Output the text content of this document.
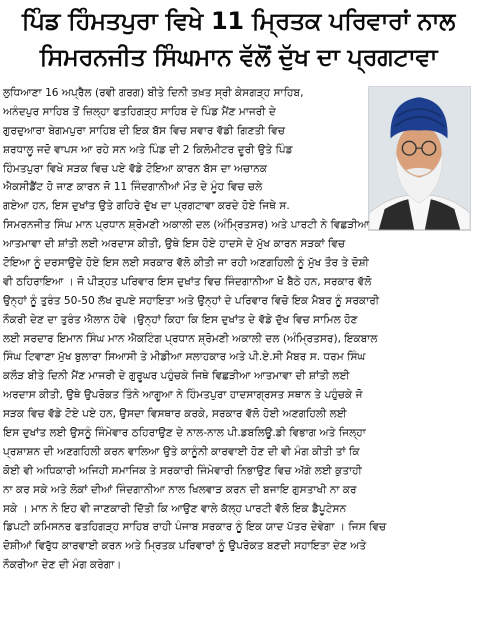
ਪਿੰਡ ਹਿੰਮਤਪੁਰਾ ਵਿਖੇ 11 ਮ੍ਰਿਤਕ ਪਰਿਵਾਰਾਂ ਨਾਲ
ਸਿਮਰਨਜੀਤ ਸਿੰਘਮਾਨ ਵੱਲੋਂ ਦੁੱਖ ਦਾ ਪ੍ਰਗਟਾਵਾ
ਲੁਧਿਆਣਾ 16 ਅਪ੍ਰੈਲ (ਰਵੀ ਗਰਗ) ਬੀਤੇ ਦਿਨੀ ਤਖ਼ਤ ਸ੍ਰੀ ਕੇਸਗੜ੍ਹ ਸਾਹਿਬ,
ਅਨੰਦਪੁਰ ਸਾਹਿਬ ਤੋਂ ਜ਼ਿਲ੍ਹਾ ਫਤਹਿਗੜ੍ਹ ਸਾਹਿਬ ਦੇ ਪਿੰਡ ਮੈਂਣ ਮਾਜਰੀ ਦੇ
ਗੁਰਦੁਆਰਾ ਬੇਗਮਪੁਰਾ ਸਾਹਿਬ ਦੀ ਇਕ ਬੱਸ ਵਿਚ ਸਵਾਰ ਵੱਡੀ ਗਿਣਤੀ ਵਿਚ
ਸ਼ਰਧਾਲੂ ਜਦੋ ਵਾਪਸ ਆ ਰਹੇ ਸਨ ਅਤੇ ਪਿੰਡ ਦੀ 2 ਕਿਲੋਮੀਟਰ ਦੂਰੀ ਉਤੇ ਪਿੰਡ
ਹਿੰਮਤਪੁਰਾ ਵਿਖੇ ਸੜਕ ਵਿਚ ਪਏ ਵੱਡੇ ਟੋਇਆ ਕਾਰਨ ਬੱਸ ਦਾ ਅਚਾਨਕ
ਐਕਸੀਡੈਂਟ ਹੋ ਜਾਣ ਕਾਰਨ ਜੋ 11 ਜਿੰਦਗਾਨੀਆਂ ਮੌਤ ਦੇ ਮੂੰਹ ਵਿਚ ਚਲੇ
ਗਏਆ ਹਨ, ਇਸ ਦੁਖਾਂਤ ਉਤੇ ਗਹਿਰੇ ਦੁੱਖ ਦਾ ਪ੍ਰਗਟਾਵਾ ਕਰਦੇ ਹੋਏ ਜਿਥੇ ਸ.
ਸਿਮਰਨਜੀਤ ਸਿੰਘ ਮਾਨ ਪ੍ਰਧਾਨ ਸ਼੍ਰੋਮਣੀ ਅਕਾਲੀ ਦਲ (ਅੰਮ੍ਰਿਤਸਰ) ਅਤੇ ਪਾਰਟੀ ਨੇ ਵਿਛੜੀਆ
ਆਤਮਾਵਾ ਦੀ ਸ਼ਾਂਤੀ ਲਈ ਅਰਦਾਸ ਕੀਤੀ, ਉਥੇ ਇਸ ਹੋਏ ਹਾਦਸੇ ਦੇ ਮੁੱਖ ਕਾਰਨ ਸੜਕਾਂ ਵਿਚ
ਟੋਇਆ ਨੂੰ ਦਰਸਾਉਦੇ ਹੋਏ ਇਸ ਲਈ ਸਰਕਾਰ ਵੱਲੋ ਕੀਤੀ ਜਾ ਰਹੀ ਅਣਗਹਿਲੀ ਨੂੰ ਮੁੱਖ ਤੌਰ ਤੇ ਦੋਸ਼ੀ
ਵੀ ਠਹਿਰਾਇਆ । ਜੋ ਪੀੜ੍ਹਤ ਪਰਿਵਾਰ ਇਸ ਦੁਖਾਂਤ ਵਿਚ ਜਿੰਦਗਾਨੀਆ ਖੋ ਬੈਠੇ ਹਨ, ਸਰਕਾਰ ਵੱਲੋ
ਉਨ੍ਹਾਂ ਨੂੰ ਤੁਰੰਤ 50-50 ਲੱਖ ਰੁਪਏ ਸਹਾਇਤਾ ਅਤੇ ਉਨ੍ਹਾਂ ਦੇ ਪਰਿਵਾਰ ਵਿਚੋ ਇਕ ਮੈਬਰ ਨੂੰ ਸਰਕਾਰੀ
ਨੌਕਰੀ ਦੇਣ ਦਾ ਤੁਰੰਤ ਐਲਾਨ ਹੋਵੇ ।ਉਨ੍ਹਾਂ ਕਿਹਾ ਕਿ ਇਸ ਦੁਖਾਂਤ ਦੇ ਵੱਡੇ ਦੁੱਖ ਵਿਚ ਸਾਮਿਲ ਹੋਣ
ਲਈ ਸਰਦਾਰ ਇਮਾਨ ਸਿੰਘ ਮਾਨ ਐਕਟਿੰਗ ਪ੍ਰਧਾਨ ਸ਼੍ਰੋਮਣੀ ਅਕਾਲੀ ਦਲ (ਅੰਮ੍ਰਿਤਸਰ), ਇਕਬਾਲ
ਸਿੰਘ ਟਿਵਾਣਾ ਮੁੱਖ ਬੁਲਾਰਾ ਸਿਆਸੀ ਤੇ ਮੀਡੀਆ ਸਲਾਹਕਾਰ ਅਤੇ ਪੀ.ਏ.ਸੀ ਮੈਬਰ ਸ. ਧਰਮ ਸਿੰਘ
ਕਲੌੜ ਬੀਤੇ ਦਿਨੀ ਮੈਂਣ ਮਾਜਰੀ ਦੇ ਗੁਰੂਘਰ ਪਹੁੰਚਕੇ ਜਿਥੇ ਵਿਛੜੀਆ ਆਤਮਾਵਾ ਦੀ ਸ਼ਾਂਤੀ ਲਈ
ਅਰਦਾਸ ਕੀਤੀ, ਉਥੇ ਉਪਰੋਕਤ ਤਿੰਨੇ ਆਗੂਆ ਨੇ ਹਿੰਮਤਪੁਰਾ ਹਾਦਸਾਗ੍ਰਸਤ ਸਥਾਨ ਤੇ ਪਹੁੰਚਕੇ ਜੋ
ਸੜਕ ਵਿਚ ਵੱਡੇ ਟੋਏ ਪਏ ਹਨ, ਉਸਦਾ ਵਿਸਥਾਰ ਕਰਕੇ, ਸਰਕਾਰ ਵੱਲੋ ਹੋਈ ਅਣਗਹਿਲੀ ਲਈ
ਇਸ ਦੁਖਾਂਤ ਲਈ ਉਸਨੂੰ ਜਿੰਮੇਵਾਰ ਠਹਿਰਾਉਣ ਦੇ ਨਾਲ-ਨਾਲ ਪੀ.ਡਬਲਿਊ.ਡੀ ਵਿਭਾਗ ਅਤੇ ਜਿਲ੍ਹਾ
ਪ੍ਰਸ਼ਾਸ਼ਨ ਦੀ ਅਣਗਹਿਲੀ ਕਰਨ ਵਾਲਿਆ ਉਤੇ ਕਾਨੂੰਨੀ ਕਾਰਵਾਈ ਹੋਣ ਦੀ ਵੀ ਮੰਗ ਕੀਤੀ ਤਾਂ ਕਿ
ਕੋਈ ਵੀ ਅਧਿਕਾਰੀ ਅਜਿਹੀ ਸਮਾਜਿਕ ਤੇ ਸਰਕਾਰੀ ਜਿੰਮੇਵਾਰੀ ਨਿਭਾਉਣ ਵਿਚ ਅੱਗੇ ਲਈ ਕੁਤਾਹੀ
ਨਾ ਕਰ ਸਕੇ ਅਤੇ ਲੋਕਾਂ ਦੀਆਂ ਜਿੰਦਗਾਨੀਆ ਨਾਲ ਖਿਲਵਾੜ ਕਰਨ ਦੀ ਬਜਾਇ ਗੁਸਤਾਖੀ ਨਾ ਕਰ
ਸਕੇ । ਮਾਨ ਨੇ ਇਹ ਵੀ ਜਾਣਕਾਰੀ ਦਿੱਤੀ ਕਿ ਆਉਣ ਵਾਲੇ ਕੱਲ੍ਹ ਪਾਰਟੀ ਵੱਲੋ ਇਕ ਡੈਪੂਟੇਸਨ
ਡਿਪਟੀ ਕਮਿਸਨਰ ਫਤਹਿਗੜ੍ਹ ਸਾਹਿਬ ਰਾਹੀ ਪੰਜਾਬ ਸਰਕਾਰ ਨੂੰ ਇਕ ਯਾਦ ਪੱਤਰ ਦੇਵੇਗਾ । ਜਿਸ ਵਿਚ
ਦੋਸ਼ੀਆਂ ਵਿਰੁੱਧ ਕਾਰਵਾਈ ਕਰਨ ਅਤੇ ਮ੍ਰਿਤਕ ਪਰਿਵਾਰਾਂ ਨੂੰ ਉਪਰੋਕਤ ਬਣਦੀ ਸਹਾਇਤਾ ਦੇਣ ਅਤੇ
ਨੌਕਰੀਆ ਦੇਣ ਦੀ ਮੰਗ ਕਰੇਗਾ।
